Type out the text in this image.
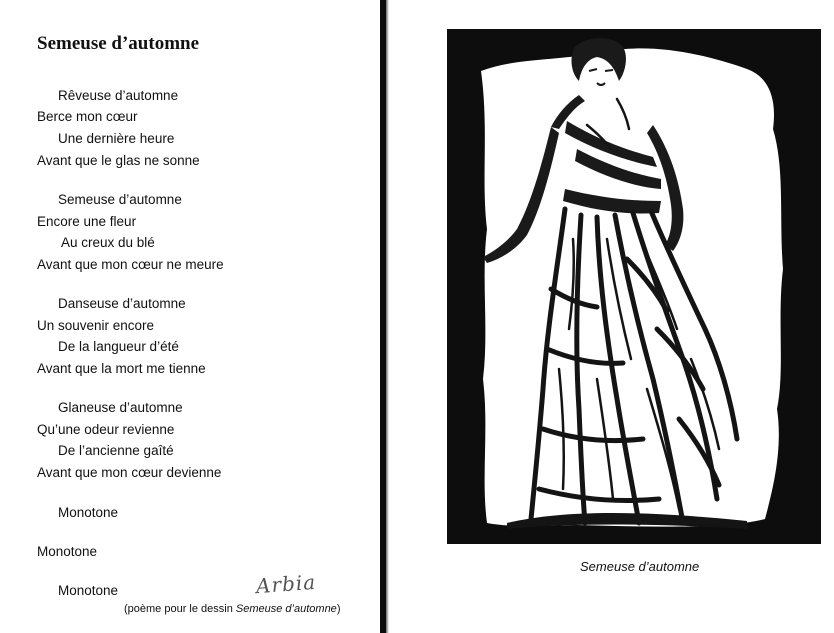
Semeuse d’automne
Rêveuse d’automne
Berce mon cœur
Une dernière heure
Avant que le glas ne sonne
Semeuse d’automne
Encore une fleur
Au creux du blé
Avant que mon cœur ne meure
Danseuse d’automne
Un souvenir encore
De la langueur d’été
Avant que la mort me tienne
Glaneuse d’automne
Qu’une odeur revienne
De l’ancienne gaîté
Avant que mon cœur devienne
Monotone
Monotone
Monotone	Arbia
(poème pour le dessin Semeuse d’automne)
Semeuse d’automne
